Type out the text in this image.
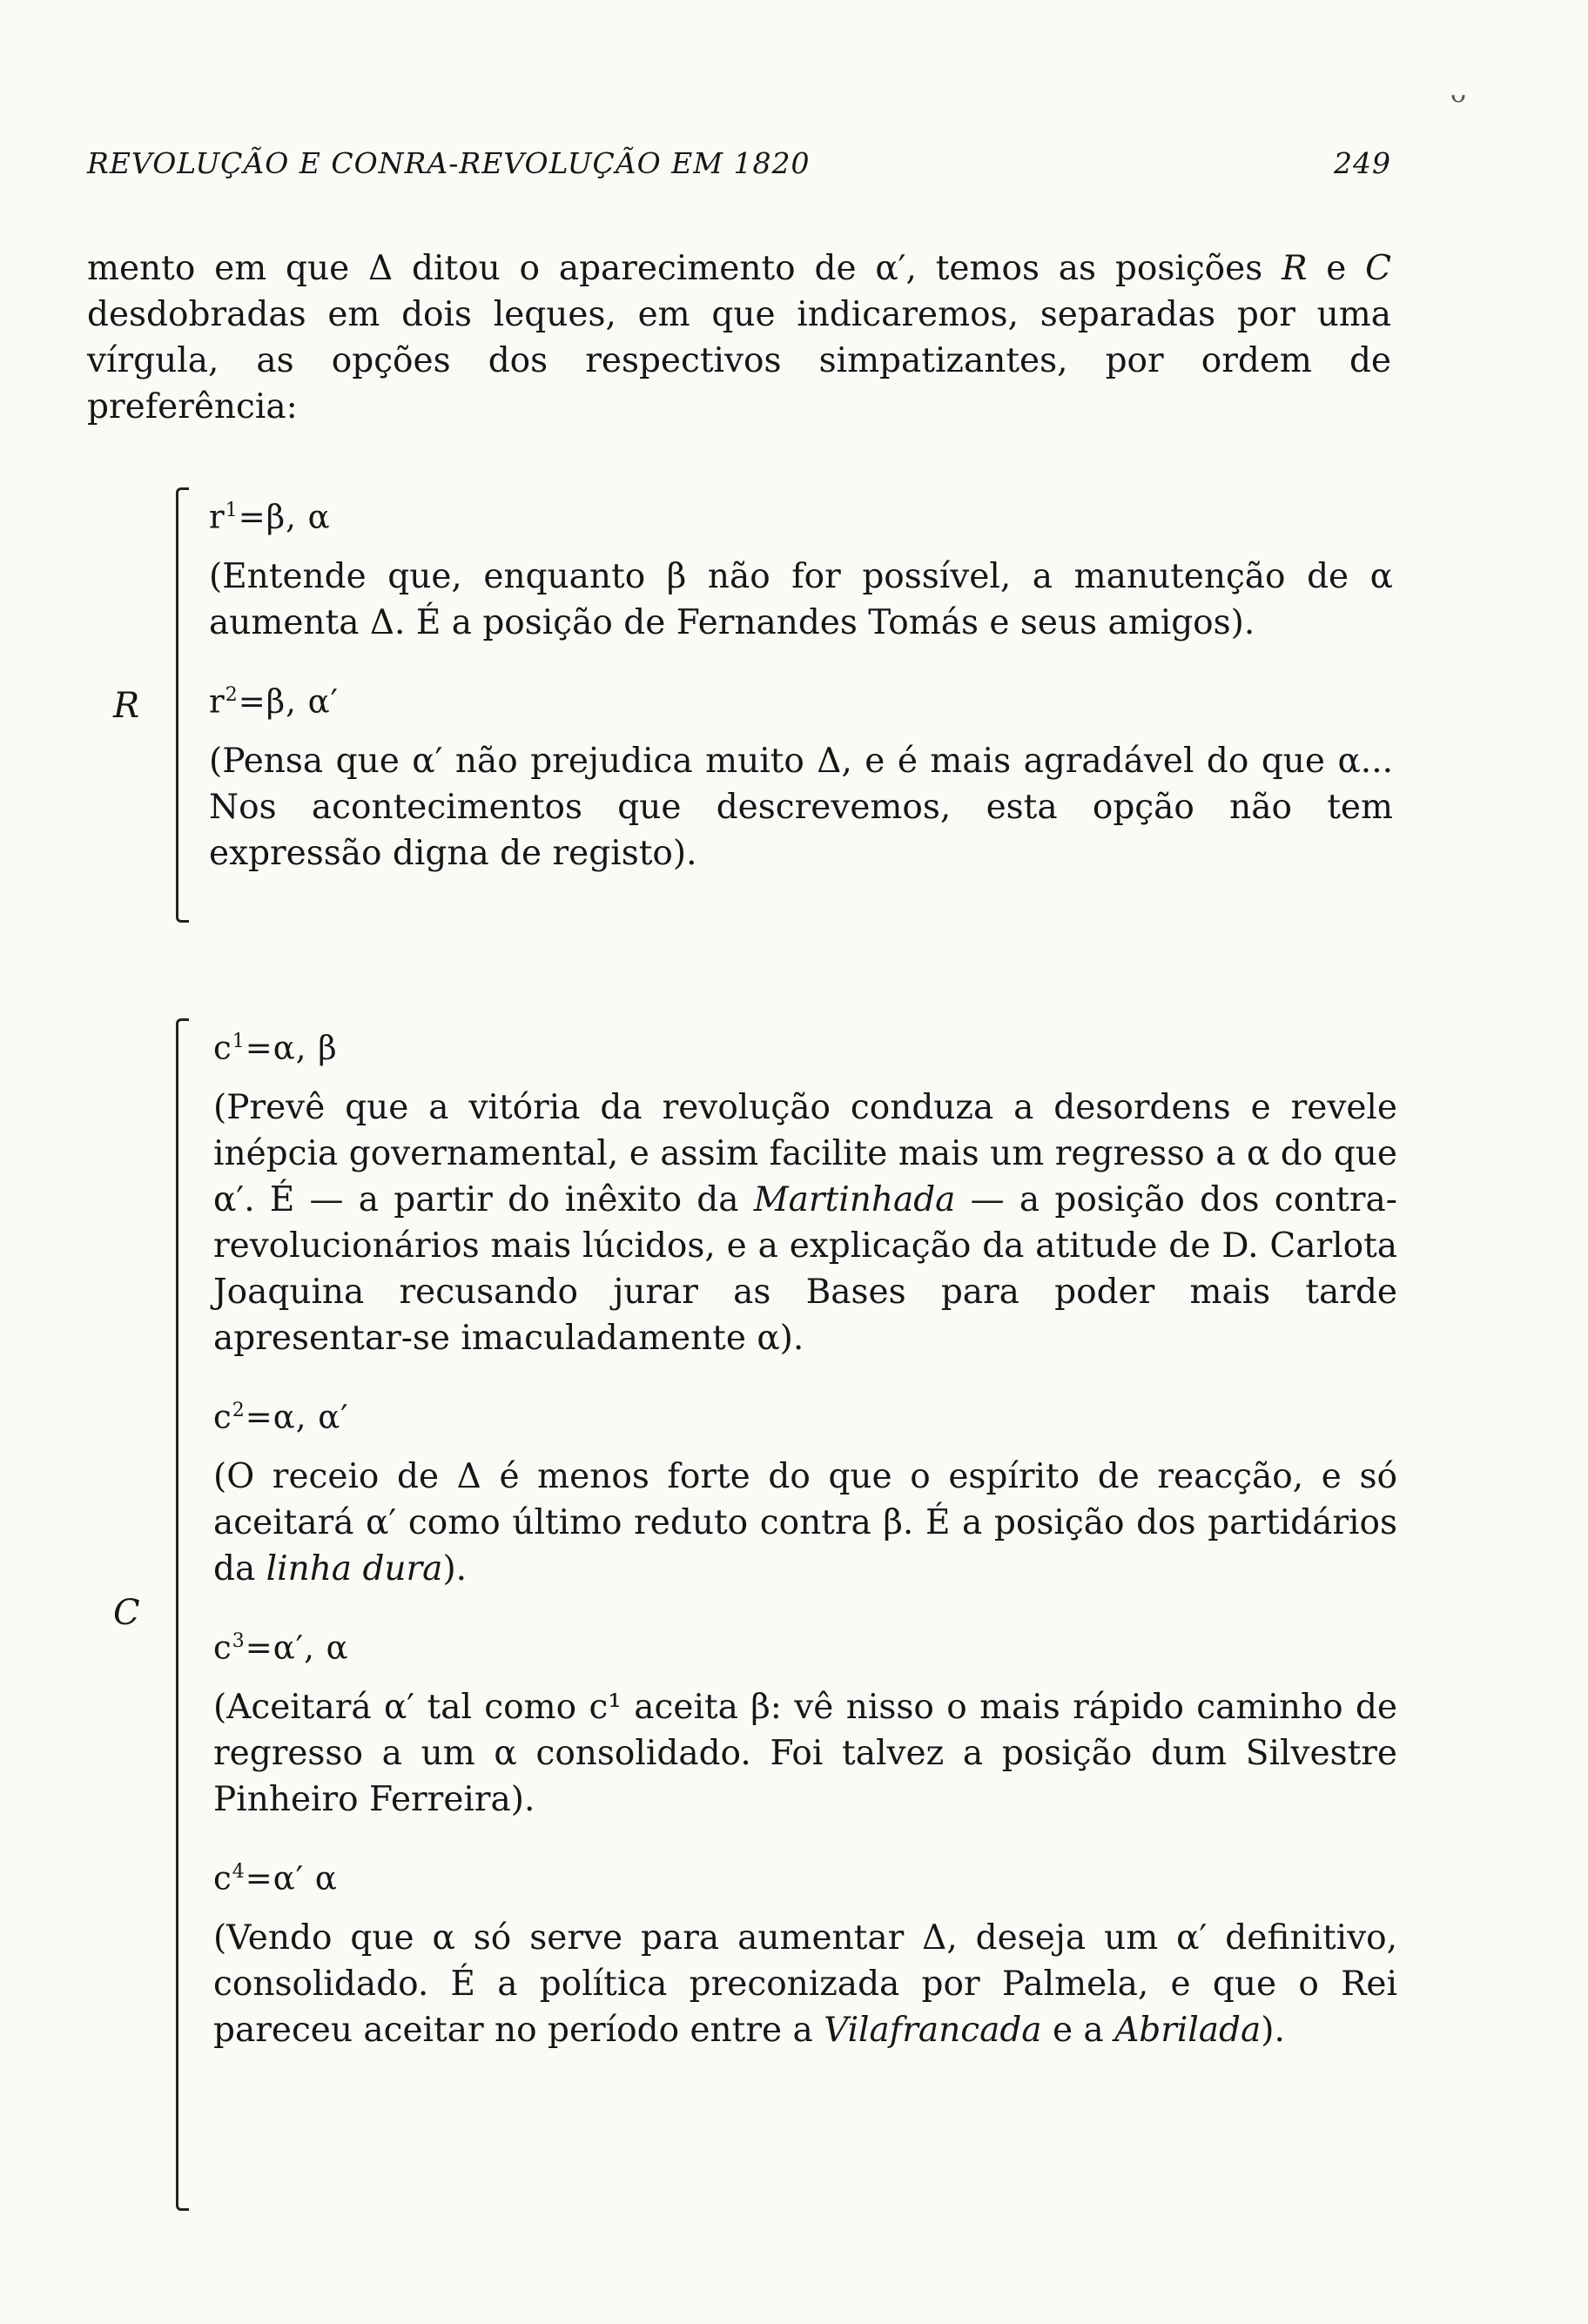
ᴗ
REVOLUÇÃO E CONRA-REVOLUÇÃO EM 1820	249
mento em que Δ ditou o aparecimento de α′, temos as posições R e C desdobradas em dois leques, em que indicaremos, separadas por uma vírgula, as opções dos respectivos simpatizantes, por ordem de preferência:
R
$r^1=\beta$, α
(Entende que, enquanto β não for possível, a manutenção de α aumenta Δ. É a posição de Fernandes Tomás e seus amigos).
$r^2=\beta$, α′
(Pensa que α′ não prejudica muito Δ, e é mais agradável do que α... Nos acontecimentos que descrevemos, esta opção não tem expressão digna de registo).
C
$c^1=\alpha$, β
(Prevê que a vitória da revolução conduza a desordens e revele inépcia governamental, e assim facilite mais um regresso a α do que α′. É — a partir do inêxito da Martinhada — a posição dos contra-revolucionários mais lúcidos, e a explicação da atitude de D. Carlota Joaquina recusando jurar as Bases para poder mais tarde apresentar-se imaculadamente α).
$c^2=\alpha$, α′
(O receio de Δ é menos forte do que o espírito de reacção, e só aceitará α′ como último reduto contra β. É a posição dos partidários da linha dura).
$c^3=\alpha'$, α
(Aceitará α′ tal como c¹ aceita β: vê nisso o mais rápido caminho de regresso a um α consolidado. Foi talvez a posição dum Silvestre Pinheiro Ferreira).
$c^4=\alpha'$ α
(Vendo que α só serve para aumentar Δ, deseja um α′ definitivo, consolidado. É a política preconizada por Palmela, e que o Rei pareceu aceitar no período entre a Vilafrancada e a Abrilada).
